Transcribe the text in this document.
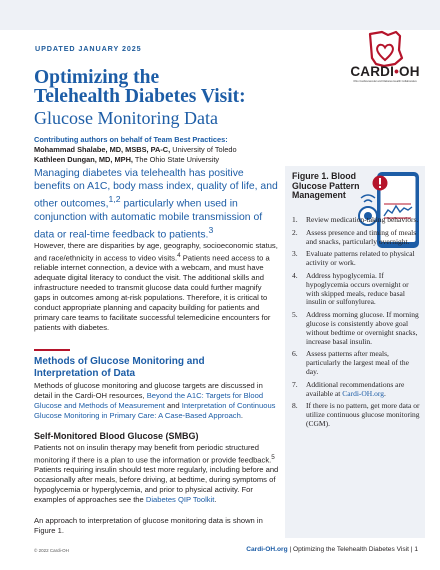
UPDATED JANUARY 2025
CARDI•OH
Ohio Cardiovascular and Diabetes Health Collaborative
Optimizing the
Telehealth Diabetes Visit:
Glucose Monitoring Data
Contributing authors on behalf of Team Best Practices:
Mohammad Shalabe, MD, MSBS, PA-C, University of Toledo
Kathleen Dungan, MD, MPH, The Ohio State University

Managing diabetes via telehealth has positive benefits on A1C, body mass index, quality of life, and other outcomes,$^{1,2}$ particularly when used in conjunction with automatic mobile transmission of data or real-time feedback to patients.$^3$

However, there are disparities by age, geography, socioeconomic status, and race/ethnicity in access to video visits.$^4$ Patients need access to a reliable internet connection, a device with a webcam, and must have adequate digital literacy to conduct the visit. The additional skills and infrastructure needed to transmit glucose data could further magnify gaps in outcomes among at-risk populations. Therefore, it is critical to conduct appropriate planning and capacity building for patients and primary care teams to facilitate successful telemedicine encounters for patients with diabetes.

Methods of Glucose Monitoring and
Interpretation of Data

Methods of glucose monitoring and glucose targets are discussed in detail in the Cardi-OH resources, Beyond the A1C: Targets for Blood Glucose and Methods of Measurement and Interpretation of Continuous Glucose Monitoring in Primary Care: A Case-Based Approach.

Self-Monitored Blood Glucose (SMBG)

Patients not on insulin therapy may benefit from periodic structured monitoring if there is a plan to use the information or provide feedback.$^5$ Patients requiring insulin should test more regularly, including before and occasionally after meals, before driving, at bedtime, during symptoms of hypoglycemia or hyperglycemia, and prior to physical activity. For examples of approaches see the Diabetes QIP Toolkit.

An approach to interpretation of glucose monitoring data is shown in Figure 1.

Figure 1. Blood Glucose Pattern Management
1. Review medication-taking behaviors.
2. Assess presence and timing of meals and snacks, particularly overnight.
3. Evaluate patterns related to physical activity or work.
4. Address hypoglycemia. If hypoglycemia occurs overnight or with skipped meals, reduce basal insulin or sulfonylurea.
5. Address morning glucose. If morning glucose is consistently above goal without bedtime or overnight snacks, increase basal insulin.
6. Assess patterns after meals, particularly the largest meal of the day.
7. Additional recommendations are available at Cardi-OH.org.
8. If there is no pattern, get more data or utilize continuous glucose monitoring (CGM).
© 2022 Cardi-OH	Cardi-OH.org | Optimizing the Telehealth Diabetes Visit | 1
